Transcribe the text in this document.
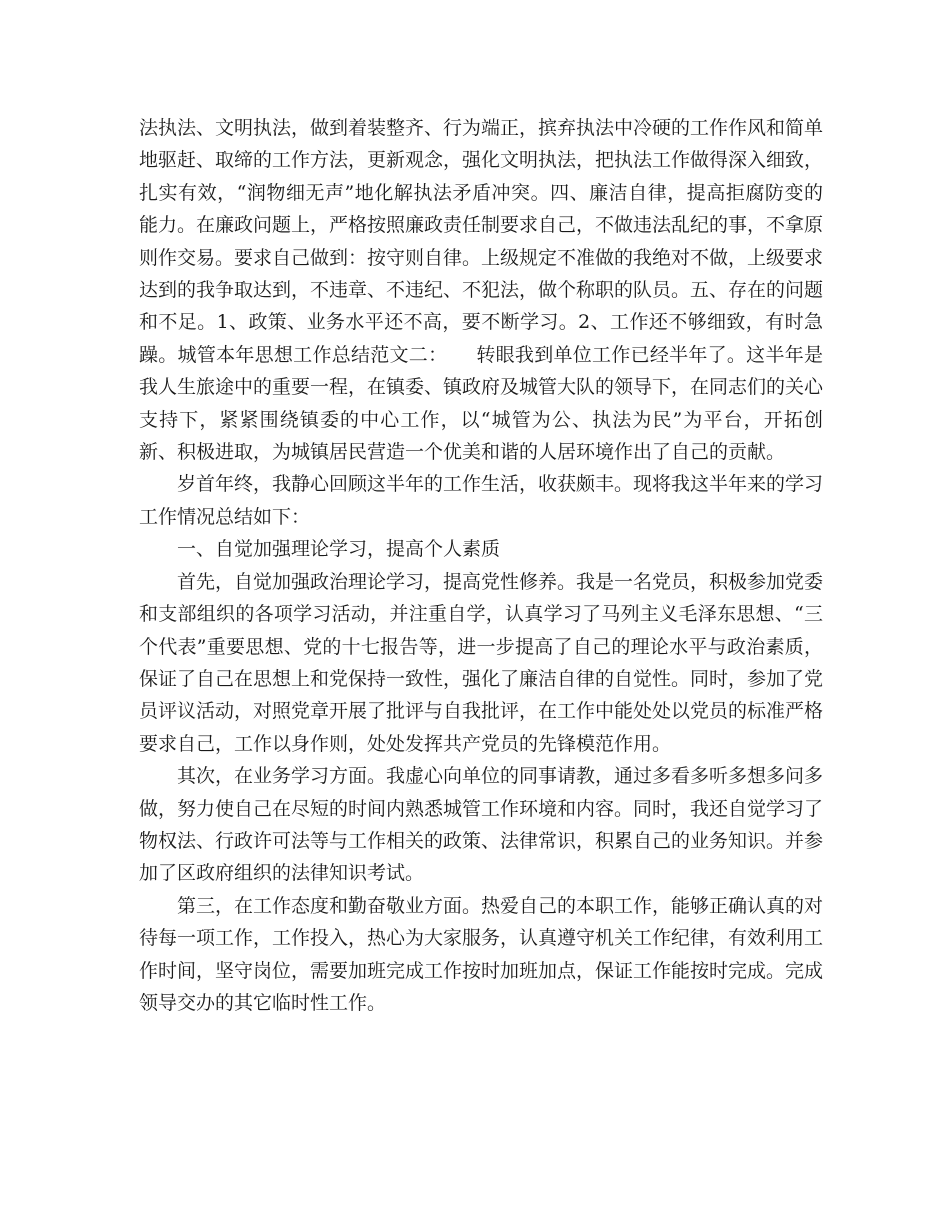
法执法、文明执法，做到着装整齐、行为端正，摈弃执法中冷硬的工作作风和简单地驱赶、取缔的工作方法，更新观念，强化文明执法，把执法工作做得深入细致，扎实有效，“润物细无声”地化解执法矛盾冲突。四、廉洁自律，提高拒腐防变的能力。在廉政问题上，严格按照廉政责任制要求自己，不做违法乱纪的事，不拿原则作交易。要求自己做到：按守则自律。上级规定不准做的我绝对不做，上级要求达到的我争取达到，不违章、不违纪、不犯法，做个称职的队员。五、存在的问题和不足。1、政策、业务水平还不高，要不断学习。2、工作还不够细致，有时急躁。城管本年思想工作总结范文二：　　转眼我到单位工作已经半年了。这半年是我人生旅途中的重要一程，在镇委、镇政府及城管大队的领导下，在同志们的关心支持下，紧紧围绕镇委的中心工作，以“城管为公、执法为民”为平台，开拓创新、积极进取，为城镇居民营造一个优美和谐的人居环境作出了自己的贡献。

岁首年终，我静心回顾这半年的工作生活，收获颇丰。现将我这半年来的学习工作情况总结如下：

一、自觉加强理论学习，提高个人素质

首先，自觉加强政治理论学习，提高党性修养。我是一名党员，积极参加党委和支部组织的各项学习活动，并注重自学，认真学习了马列主义毛泽东思想、“三个代表”重要思想、党的十七报告等，进一步提高了自己的理论水平与政治素质，保证了自己在思想上和党保持一致性，强化了廉洁自律的自觉性。同时，参加了党员评议活动，对照党章开展了批评与自我批评，在工作中能处处以党员的标准严格要求自己，工作以身作则，处处发挥共产党员的先锋模范作用。

其次，在业务学习方面。我虚心向单位的同事请教，通过多看多听多想多问多做，努力使自己在尽短的时间内熟悉城管工作环境和内容。同时，我还自觉学习了物权法、行政许可法等与工作相关的政策、法律常识，积累自己的业务知识。并参加了区政府组织的法律知识考试。

第三，在工作态度和勤奋敬业方面。热爱自己的本职工作，能够正确认真的对待每一项工作，工作投入，热心为大家服务，认真遵守机关工作纪律，有效利用工作时间，坚守岗位，需要加班完成工作按时加班加点，保证工作能按时完成。完成领导交办的其它临时性工作。
